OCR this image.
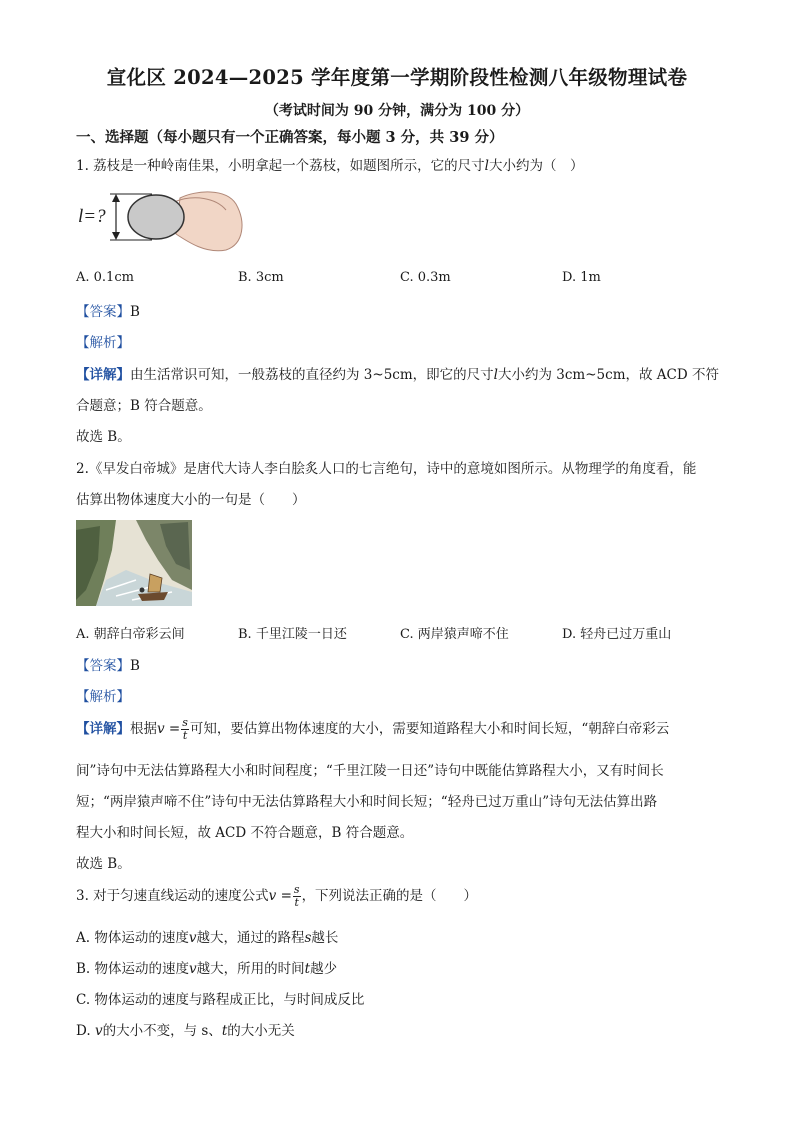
宣化区 2024—2025 学年度第一学期阶段性检测八年级物理试卷
（考试时间为 90 分钟，满分为 100 分）
一、选择题（每小题只有一个正确答案，每小题 3 分，共 39 分）
1. 荔枝是一种岭南佳果，小明拿起一个荔枝，如题图所示，它的尺寸l大小约为（　）
l=?
A. 0.1cm	B. 3cm	C. 0.3m	D. 1m
【答案】B
【解析】
【详解】由生活常识可知，一般荔枝的直径约为 3~5cm，即它的尺寸l大小约为 3cm~5cm，故 ACD 不符
合题意；B 符合题意。
故选 B。
2.《早发白帝城》是唐代大诗人李白脍炙人口的七言绝句，诗中的意境如图所示。从物理学的角度看，能
估算出物体速度大小的一句是（　　）
A. 朝辞白帝彩云间	B. 千里江陵一日还	C. 两岸猿声啼不住	D. 轻舟已过万重山
【答案】B
【解析】
【详解】根据$v = \frac{s}{t}$ 可知，要估算出物体速度的大小，需要知道路程大小和时间长短，“朝辞白帝彩云
间”诗句中无法估算路程大小和时间程度；“千里江陵一日还”诗句中既能估算路程大小，又有时间长
短；“两岸猿声啼不住”诗句中无法估算路程大小和时间长短；“轻舟已过万重山”诗句无法估算出路
程大小和时间长短，故 ACD 不符合题意，B 符合题意。
故选 B。
3. 对于匀速直线运动的速度公式$v = \frac{s}{t}$ ，下列说法正确的是（　　）
A. 物体运动的速度v越大，通过的路程s越长
B. 物体运动的速度v越大，所用的时间t越少
C. 物体运动的速度与路程成正比，与时间成反比
D. v的大小不变，与 s、t的大小无关
